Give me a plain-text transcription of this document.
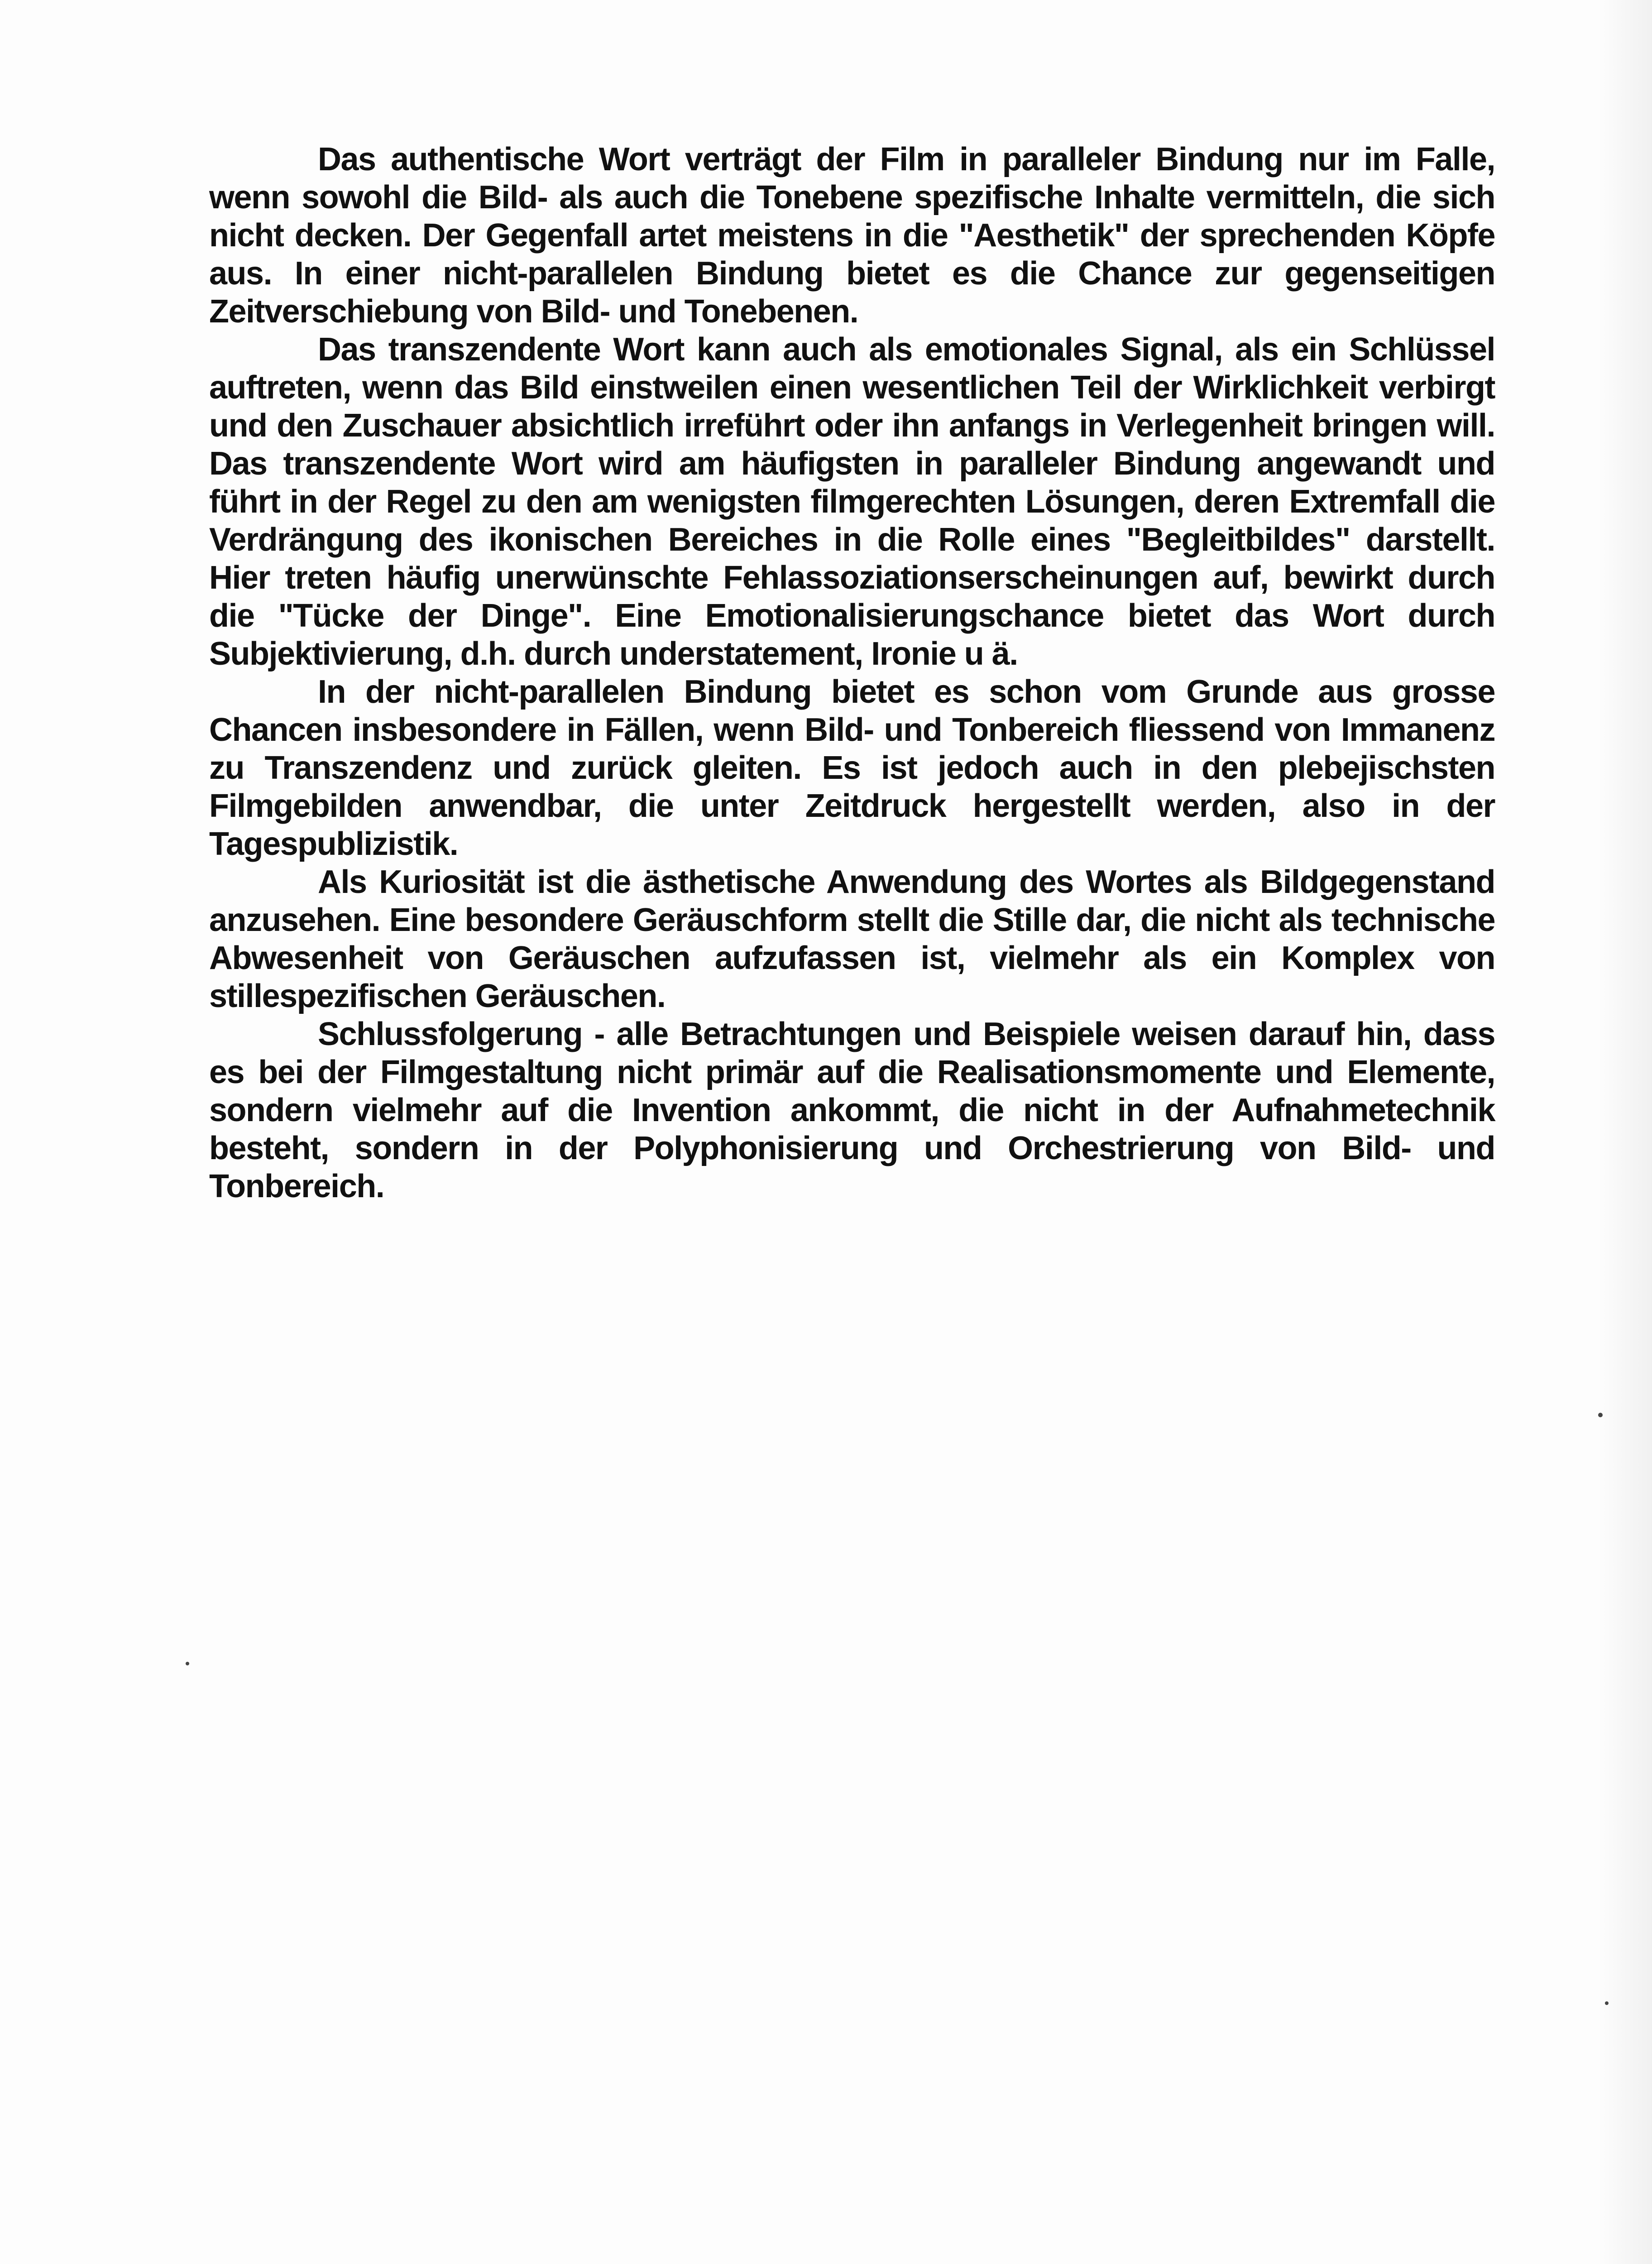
Das authentische Wort verträgt der Film in paralleler Bindung nur im Falle, wenn sowohl die Bild- als auch die Tonebene spezifische Inhalte vermitteln, die sich nicht decken. Der Gegenfall artet meistens in die "Aesthetik" der sprechenden Köpfe aus. In einer nicht-parallelen Bindung bietet es die Chance zur gegenseitigen Zeitverschiebung von Bild- und Tonebenen.

Das transzendente Wort kann auch als emotionales Signal, als ein Schlüssel auftreten, wenn das Bild einstweilen einen wesentlichen Teil der Wirklichkeit verbirgt und den Zuschauer absichtlich irreführt oder ihn anfangs in Verlegenheit bringen will. Das transzendente Wort wird am häufigsten in paralleler Bindung angewandt und führt in der Regel zu den am wenigsten filmgerechten Lösungen, deren Extremfall die Verdrängung des ikonischen Bereiches in die Rolle eines "Begleitbildes" darstellt. Hier treten häufig unerwünschte Fehlassoziationserscheinungen auf, bewirkt durch die "Tücke der Dinge". Eine Emotionalisierungschance bietet das Wort durch Subjektivierung, d.h. durch understatement, Ironie u ä.

In der nicht-parallelen Bindung bietet es schon vom Grunde aus grosse Chancen insbesondere in Fällen, wenn Bild- und Tonbereich fliessend von Immanenz zu Transzendenz und zurück gleiten. Es ist jedoch auch in den plebejischsten Filmgebilden anwendbar, die unter Zeitdruck hergestellt werden, also in der Tagespublizistik.

Als Kuriosität ist die ästhetische Anwendung des Wortes als Bildgegenstand anzusehen. Eine besondere Geräuschform stellt die Stille dar, die nicht als technische Abwesenheit von Geräuschen aufzufassen ist, vielmehr als ein Komplex von stillespezifischen Geräuschen.

Schlussfolgerung - alle Betrachtungen und Beispiele weisen darauf hin, dass es bei der Filmgestaltung nicht primär auf die Realisationsmomente und Elemente, sondern vielmehr auf die Invention ankommt, die nicht in der Aufnahmetechnik besteht, sondern in der Polyphonisierung und Orchestrierung von Bild- und Tonbereich.
